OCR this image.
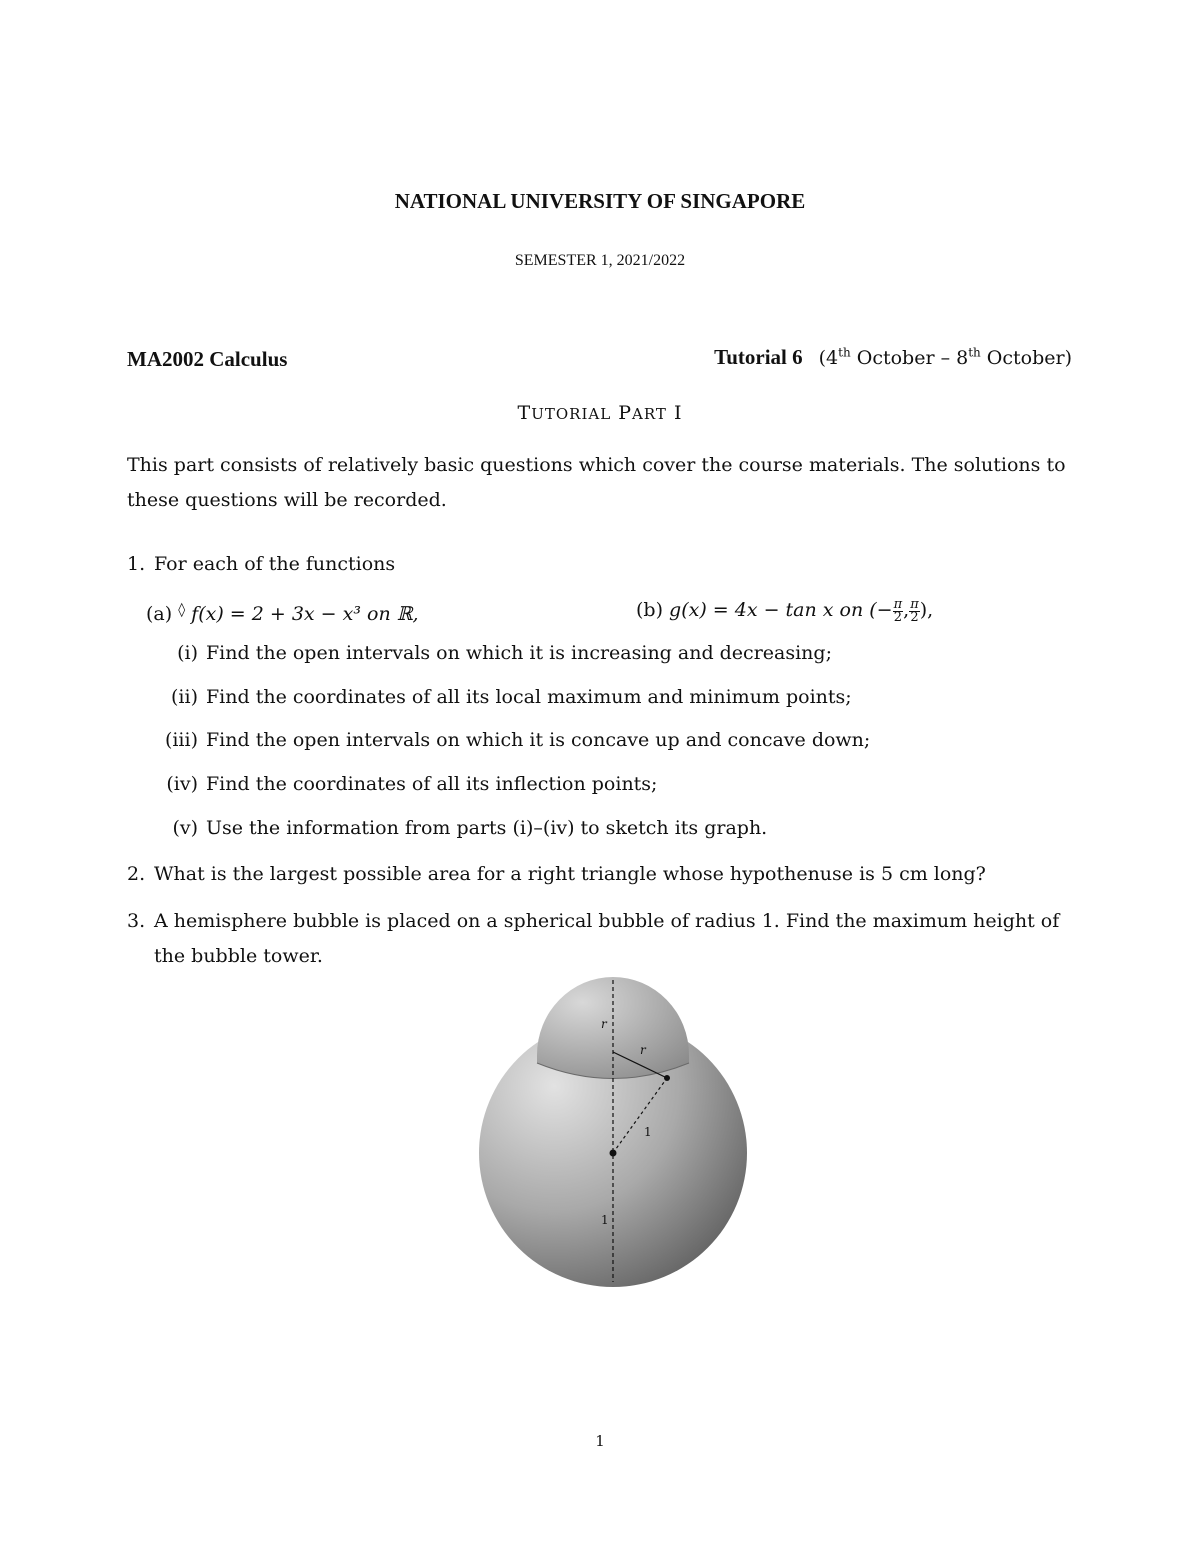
NATIONAL UNIVERSITY OF SINGAPORE
SEMESTER 1, 2021/2022
MA2002 Calculus	Tutorial 6 (4th October – 8th October)
TUTORIAL PART I
This part consists of relatively basic questions which cover the course materials. The solutions to these questions will be recorded.
1. For each of the functions
(a) ◊ f(x) = 2 + 3x − x³ on ℝ,	(b) g(x) = 4x − tan x on (− $\frac{\pi}{2}$ , $\frac{\pi}{2}$ ),
(i) Find the open intervals on which it is increasing and decreasing;
(ii) Find the coordinates of all its local maximum and minimum points;
(iii) Find the open intervals on which it is concave up and concave down;
(iv) Find the coordinates of all its inflection points;
(v) Use the information from parts (i)–(iv) to sketch its graph.
2. What is the largest possible area for a right triangle whose hypothenuse is 5 cm long?
3. A hemisphere bubble is placed on a spherical bubble of radius 1. Find the maximum height of the bubble tower.
r
r
1
1
1
